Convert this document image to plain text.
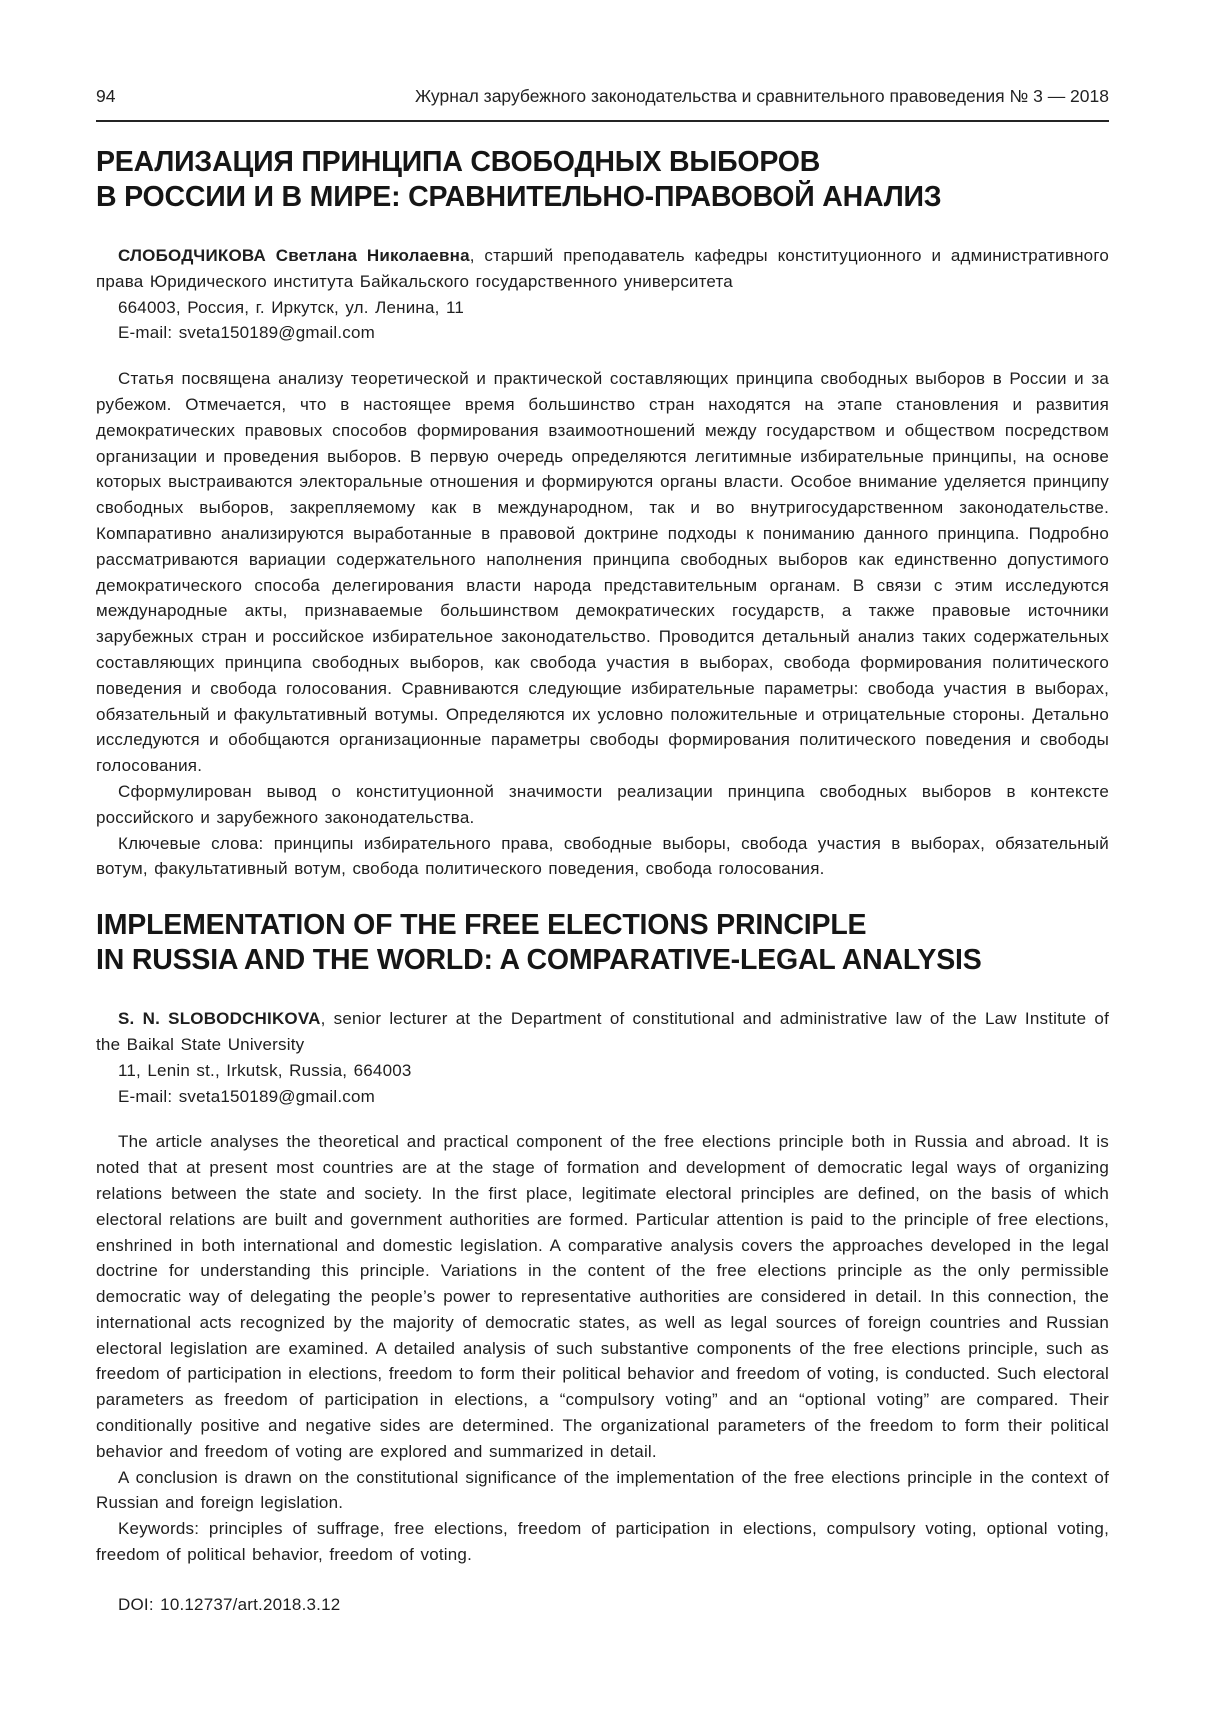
94	Журнал зарубежного законодательства и сравнительного правоведения № 3 — 2018
РЕАЛИЗАЦИЯ ПРИНЦИПА СВОБОДНЫХ ВЫБОРОВ
В РОССИИ И В МИРЕ: СРАВНИТЕЛЬНО-ПРАВОВОЙ АНАЛИЗ

СЛОБОДЧИКОВА Светлана Николаевна, старший преподаватель кафедры конституционного и административного права Юридического института Байкальского государственного университета

664003, Россия, г. Иркутск, ул. Ленина, 11

E-mail: sveta150189@gmail.com

Статья посвящена анализу теоретической и практической составляющих принципа свободных выборов в России и за рубежом. Отмечается, что в настоящее время большинство стран находятся на этапе становления и развития демократических правовых способов формирования взаимоотношений между государством и обществом посредством организации и проведения выборов. В первую очередь определяются легитимные избирательные принципы, на основе которых выстраиваются электоральные отношения и формируются органы власти. Особое внимание уделяется принципу свободных выборов, закрепляемому как в международном, так и во внутригосударственном законодательстве. Компаративно анализируются выработанные в правовой доктрине подходы к пониманию данного принципа. Подробно рассматриваются вариации содержательного наполнения принципа свободных выборов как единственно допустимого демократического способа делегирования власти народа представительным органам. В связи с этим исследуются международные акты, признаваемые большинством демократических государств, а также правовые источники зарубежных стран и российское избирательное законодательство. Проводится детальный анализ таких содержательных составляющих принципа свободных выборов, как свобода участия в выборах, свобода формирования политического поведения и свобода голосования. Сравниваются следующие избирательные параметры: свобода участия в выборах, обязательный и факультативный вотумы. Определяются их условно положительные и отрицательные стороны. Детально исследуются и обобщаются организационные параметры свободы формирования политического поведения и свободы голосования.

Сформулирован вывод о конституционной значимости реализации принципа свободных выборов в контексте российского и зарубежного законодательства.

Ключевые слова: принципы избирательного права, свободные выборы, свобода участия в выборах, обязательный вотум, факультативный вотум, свобода политического поведения, свобода голосования.

IMPLEMENTATION OF THE FREE ELECTIONS PRINCIPLE
IN RUSSIA AND THE WORLD: A COMPARATIVE-LEGAL ANALYSIS

S. N. SLOBODCHIKOVA, senior lecturer at the Department of constitutional and administrative law of the Law Institute of the Baikal State University

11, Lenin st., Irkutsk, Russia, 664003

E-mail: sveta150189@gmail.com

The article analyses the theoretical and practical component of the free elections principle both in Russia and abroad. It is noted that at present most countries are at the stage of formation and development of democratic legal ways of organizing relations between the state and society. In the first place, legitimate electoral principles are defined, on the basis of which electoral relations are built and government authorities are formed. Particular attention is paid to the principle of free elections, enshrined in both international and domestic legislation. A comparative analysis covers the approaches developed in the legal doctrine for understanding this principle. Variations in the content of the free elections principle as the only permissible democratic way of delegating the people’s power to representative authorities are considered in detail. In this connection, the international acts recognized by the majority of democratic states, as well as legal sources of foreign countries and Russian electoral legislation are examined. A detailed analysis of such substantive components of the free elections principle, such as freedom of participation in elections, freedom to form their political behavior and freedom of voting, is conducted. Such electoral parameters as freedom of participation in elections, a “compulsory voting” and an “optional voting” are compared. Their conditionally positive and negative sides are determined. The organizational parameters of the freedom to form their political behavior and freedom of voting are explored and summarized in detail.

A conclusion is drawn on the constitutional significance of the implementation of the free elections principle in the context of Russian and foreign legislation.

Keywords: principles of suffrage, free elections, freedom of participation in elections, compulsory voting, optional voting, freedom of political behavior, freedom of voting.

DOI: 10.12737/art.2018.3.12
